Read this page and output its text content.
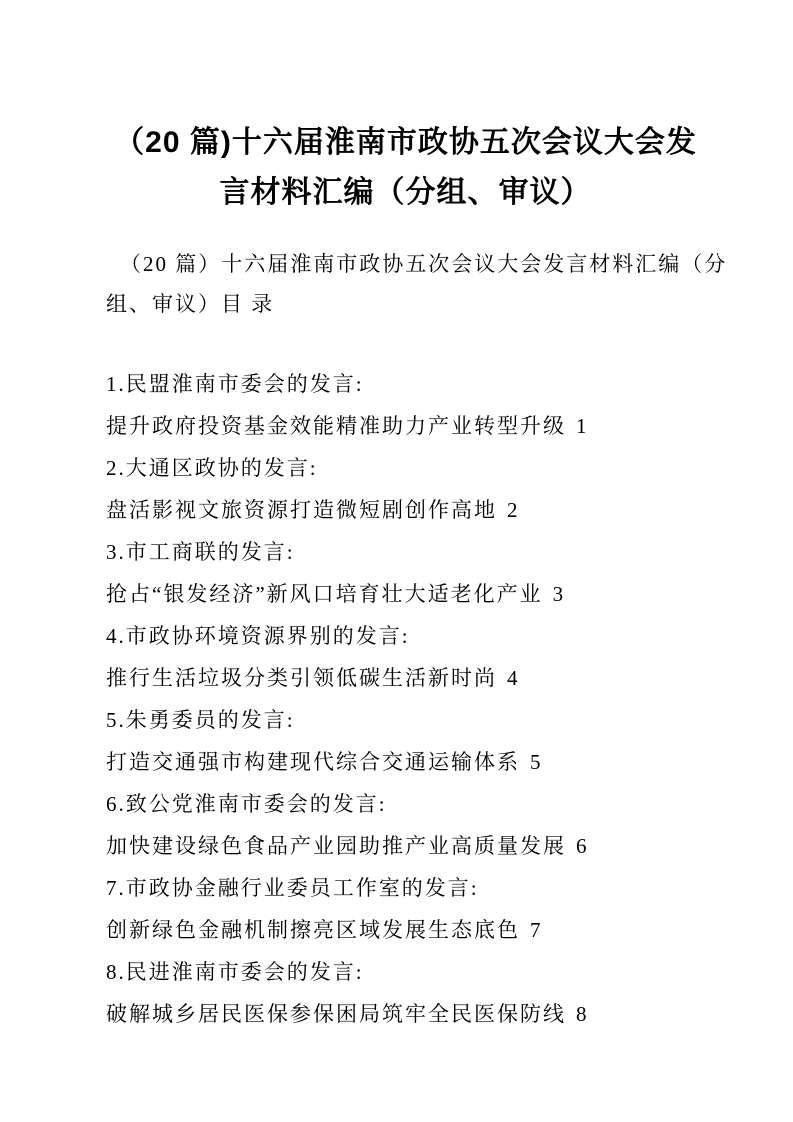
（20 篇)十六届淮南市政协五次会议大会发
言材料汇编（分组、审议）

（20 篇）十六届淮南市政协五次会议大会发言材料汇编（分
组、审议）目 录

1.民盟淮南市委会的发言:

提升政府投资基金效能精准助力产业转型升级 1

2.大通区政协的发言:

盘活影视文旅资源打造微短剧创作高地 2

3.市工商联的发言:

抢占“银发经济”新风口培育壮大适老化产业 3

4.市政协环境资源界别的发言:

推行生活垃圾分类引领低碳生活新时尚 4

5.朱勇委员的发言:

打造交通强市构建现代综合交通运输体系 5

6.致公党淮南市委会的发言:

加快建设绿色食品产业园助推产业高质量发展 6

7.市政协金融行业委员工作室的发言:

创新绿色金融机制擦亮区域发展生态底色 7

8.民进淮南市委会的发言:

破解城乡居民医保参保困局筑牢全民医保防线 8
